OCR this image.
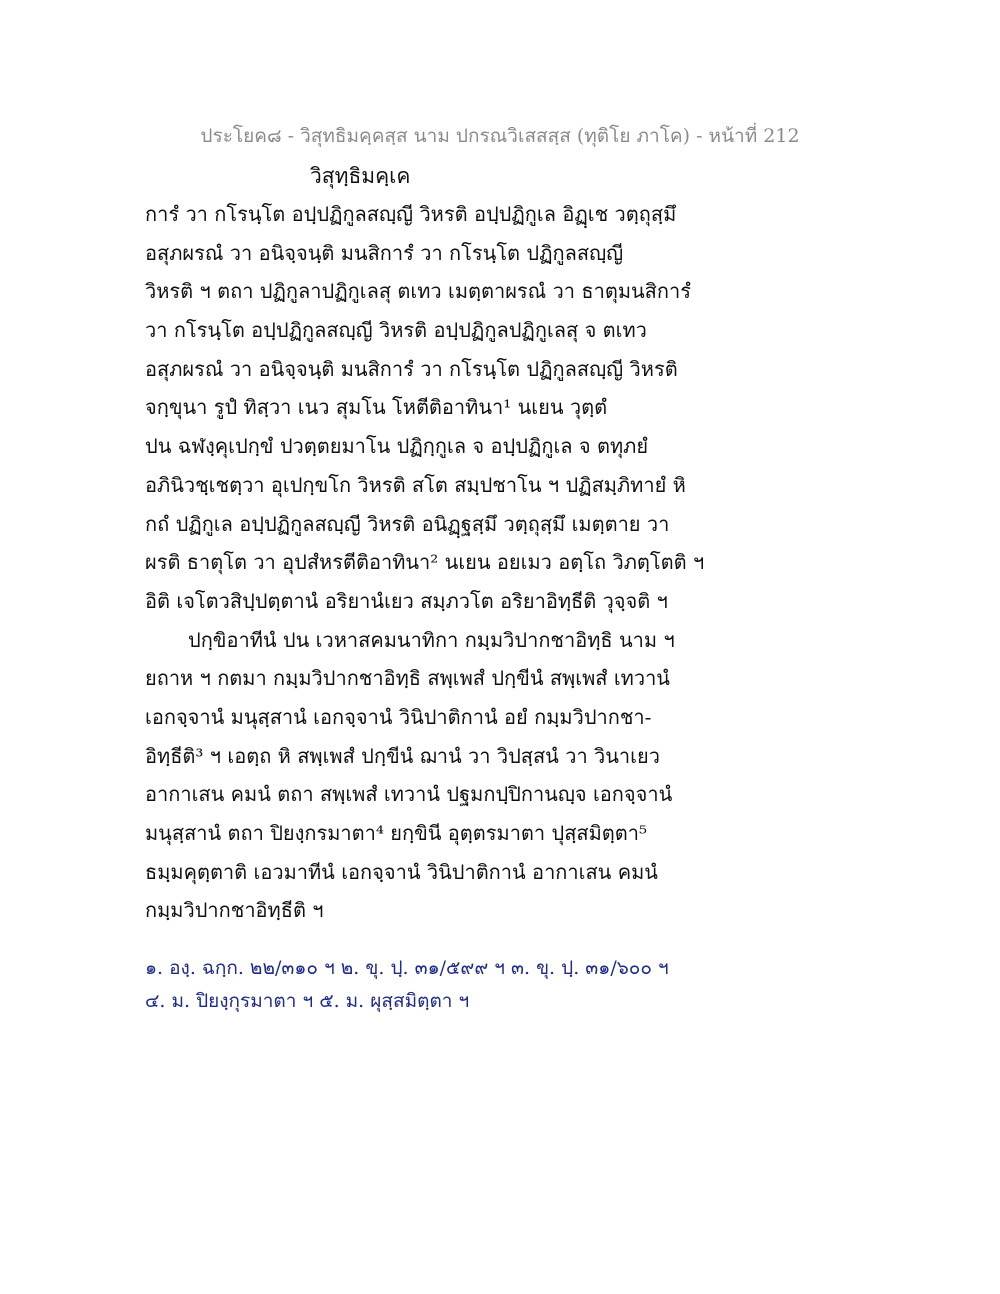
ประโยค๘ - วิสุทธิมคฺคสฺส นาม ปกรณวิเสสสฺส (ทุติโย ภาโค) - หน้าที่ 212
วิสุทฺธิมคฺเค
การํ วา กโรนฺโต อปฺปฏิกูลสญฺญี วิหรติ อปฺปฏิกูเล อิฏฺเช วตฺถุสฺมึ
อสุภผรณํ วา อนิจฺจนฺติ มนสิการํ วา กโรนฺโต ปฏิกูลสญฺญี
วิหรติ ฯ ตถา ปฏิกูลาปฏิกูเลสุ ตเทว เมตฺตาผรณํ วา ธาตุมนสิการํ
วา กโรนฺโต อปฺปฏิกูลสญฺญี วิหรติ อปฺปฏิกูลปฏิกูเลสุ จ ตเทว
อสุภผรณํ วา อนิจฺจนฺติ มนสิการํ วา กโรนฺโต ปฏิกูลสญฺญี วิหรติ
จกฺขุนา รูปํ ทิสฺวา เนว สุมโน โหตีติอาทินา¹ นเยน วุตฺตํ
ปน ฉฬงฺคุเปกฺขํ ปวตฺตยมาโน ปฏิกฺกูเล จ อปฺปฏิกูเล จ ตทุภยํ
อภินิวชฺเชตฺวา อุเปกฺขโก วิหรติ สโต สมฺปชาโน ฯ ปฏิสมฺภิทายํ หิ
กถํ ปฏิกูเล อปฺปฏิกูลสญฺญี วิหรติ อนิฏฺฐสฺมึ วตฺถุสฺมึ เมตฺตาย วา
ผรติ ธาตุโต วา อุปสํหรตีติอาทินา² นเยน อยเมว อตฺโถ วิภตฺโตติ ฯ
อิติ เจโตวสิปฺปตฺตานํ อริยานํเยว สมฺภวโต อริยาอิทฺธีติ วุจฺจติ ฯ
ปกฺขิอาทีนํ ปน เวหาสคมนาทิกา กมฺมวิปากชาอิทฺธิ นาม ฯ
ยถาห ฯ กตมา กมฺมวิปากชาอิทฺธิ สพฺเพสํ ปกฺขีนํ สพฺเพสํ เทวานํ
เอกจฺจานํ มนุสฺสานํ เอกจฺจานํ วินิปาติกานํ อยํ กมฺมวิปากชา-
อิทฺธีติ³ ฯ เอตฺถ หิ สพฺเพสํ ปกฺขีนํ ฌานํ วา วิปสฺสนํ วา วินาเยว
อากาเสน คมนํ ตถา สพฺเพสํ เทวานํ ปฐมกปฺปิกานญฺจ เอกจฺจานํ
มนุสฺสานํ ตถา ปิยงฺกรมาตา⁴ ยกฺขินี อุตฺตรมาตา ปุสฺสมิตฺตา⁵
ธมฺมคุตฺตาติ เอวมาทีนํ เอกจฺจานํ วินิปาติกานํ อากาเสน คมนํ
กมฺมวิปากชาอิทฺธีติ ฯ
๑. องฺ. ฉกฺก. ๒๒/๓๑๐ ฯ ๒. ขุ. ปฺ. ๓๑/๕๙๙ ฯ ๓. ขุ. ปฺ. ๓๑/๖๐๐ ฯ
๔. ม. ปิยงฺกุรมาตา ฯ ๕. ม. ผุสฺสมิตฺตา ฯ
